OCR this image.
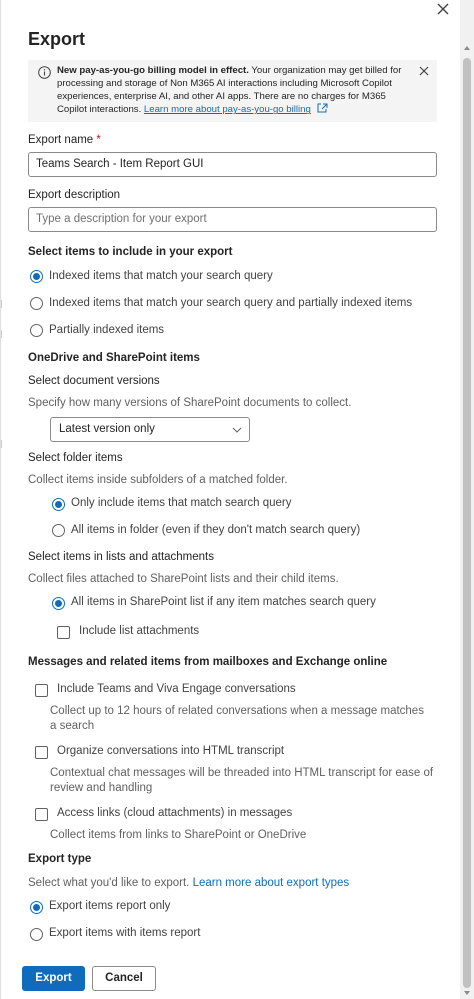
Export
New pay-as-you-go billing model in effect. Your organization may get billed for processing and storage of Non M365 AI interactions including Microsoft Copilot experiences, enterprise AI, and other AI apps. There are no charges for M365 Copilot interactions. Learn more about pay-as-you-go billing
Export name *
Teams Search - Item Report GUI
Export description
Type a description for your export
Select items to include in your export
Indexed items that match your search query
Indexed items that match your search query and partially indexed items
Partially indexed items
OneDrive and SharePoint items
Select document versions
Specify how many versions of SharePoint documents to collect.
Latest version only
Select folder items
Collect items inside subfolders of a matched folder.
Only include items that match search query
All items in folder (even if they don't match search query)
Select items in lists and attachments
Collect files attached to SharePoint lists and their child items.
All items in SharePoint list if any item matches search query
Include list attachments
Messages and related items from mailboxes and Exchange online
Include Teams and Viva Engage conversations
Collect up to 12 hours of related conversations when a message matches a search
Organize conversations into HTML transcript
Contextual chat messages will be threaded into HTML transcript for ease of review and handling
Access links (cloud attachments) in messages
Collect items from links to SharePoint or OneDrive
Export type
Select what you'd like to export. Learn more about export types
Export items report only
Export items with items report
Export	Cancel
